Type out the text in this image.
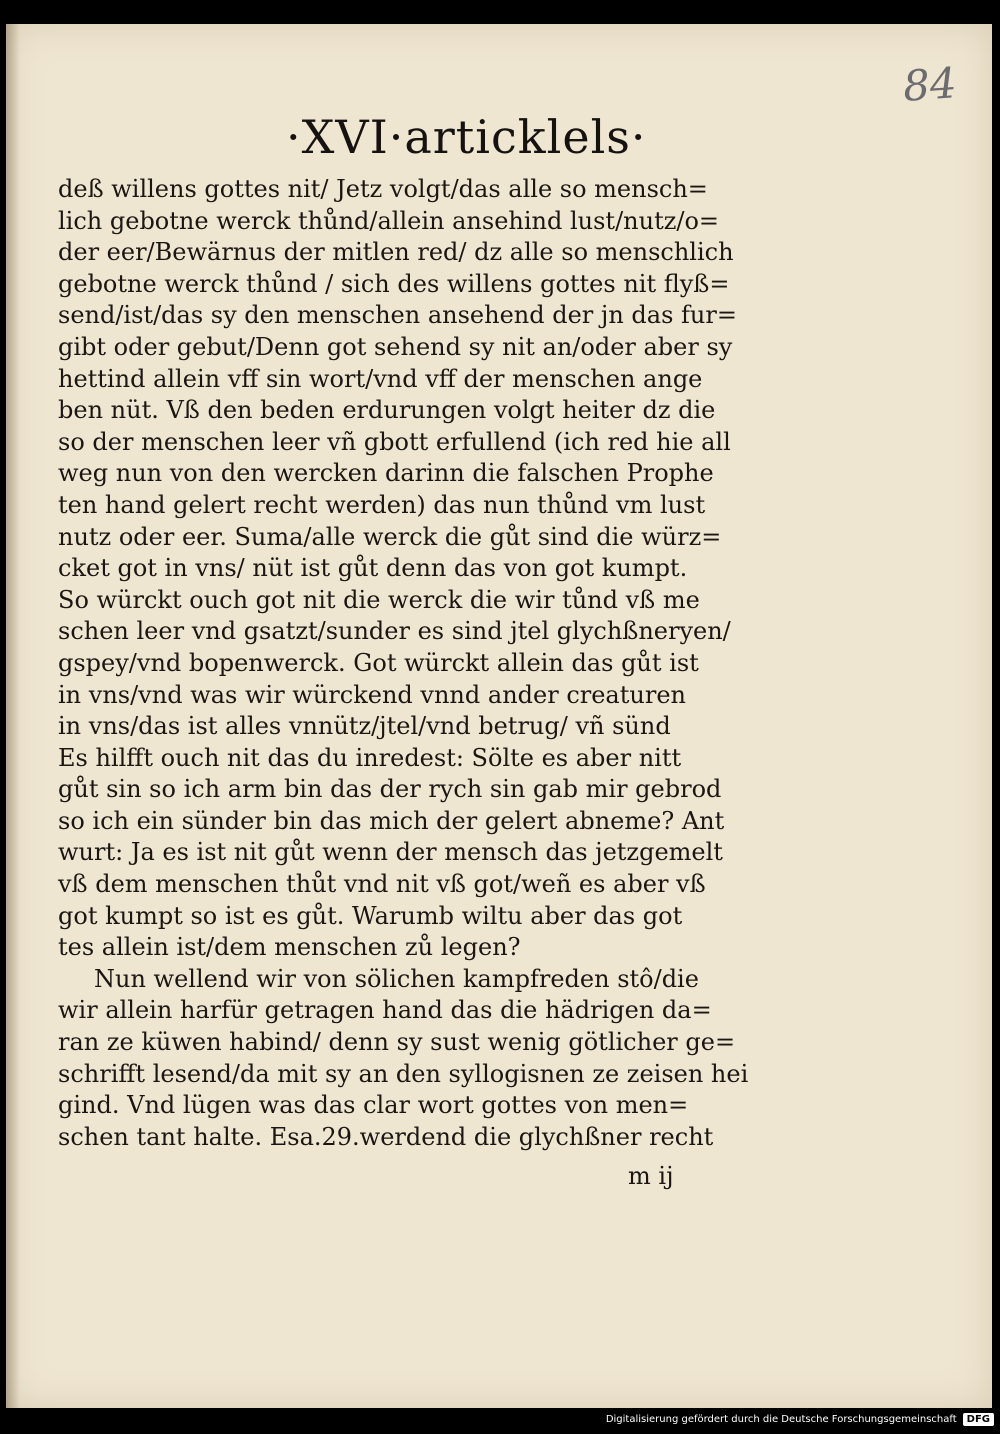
84
·XVI·articklels·
deß willens gottes nit/ Jetz volgt/das alle so mensch=
lich gebotne werck thůnd/allein ansehind lust/nutz/o=
der eer/Bewärnus der mitlen red/ dz alle so menschlich
gebotne werck thůnd / sich des willens gottes nit flyß=
send/ist/das sy den menschen ansehend der jn das fur=
gibt oder gebut/Denn got sehend sy nit an/oder aber sy
hettind allein vff sin wort/vnd vff der menschen ange
ben nüt. Vß den beden erdurungen volgt heiter dz die
so der menschen leer vñ gbott erfullend (ich red hie all
weg nun von den wercken darinn die falschen Prophe
ten hand gelert recht werden) das nun thůnd vm lust
nutz oder eer. Suma/alle werck die gůt sind die würz=
cket got in vns/ nüt ist gůt denn das von got kumpt.
So würckt ouch got nit die werck die wir tůnd vß me
schen leer vnd gsatzt/sunder es sind jtel glychßneryen/
gspey/vnd bopenwerck. Got würckt allein das gůt ist
in vns/vnd was wir würckend vnnd ander creaturen
in vns/das ist alles vnnütz/jtel/vnd betrug/ vñ sünd
Es hilfft ouch nit das du inredest: Sölte es aber nitt
gůt sin so ich arm bin das der rych sin gab mir gebrod
so ich ein sünder bin das mich der gelert abneme? Ant
wurt: Ja es ist nit gůt wenn der mensch das jetzgemelt
vß dem menschen thůt vnd nit vß got/weñ es aber vß
got kumpt so ist es gůt. Warumb wiltu aber das got
tes allein ist/dem menschen zů legen?
Nun wellend wir von sölichen kampfreden stô/die
wir allein harfür getragen hand das die hädrigen da=
ran ze küwen habind/ denn sy sust wenig götlicher ge=
schrifft lesend/da mit sy an den syllogisnen ze zeisen hei
gind. Vnd lügen was das clar wort gottes von men=
schen tant halte. Esa.29.werdend die glychßner recht
m ij
Digitalisierung gefördert durch die Deutsche Forschungsgemeinschaft	DFG
